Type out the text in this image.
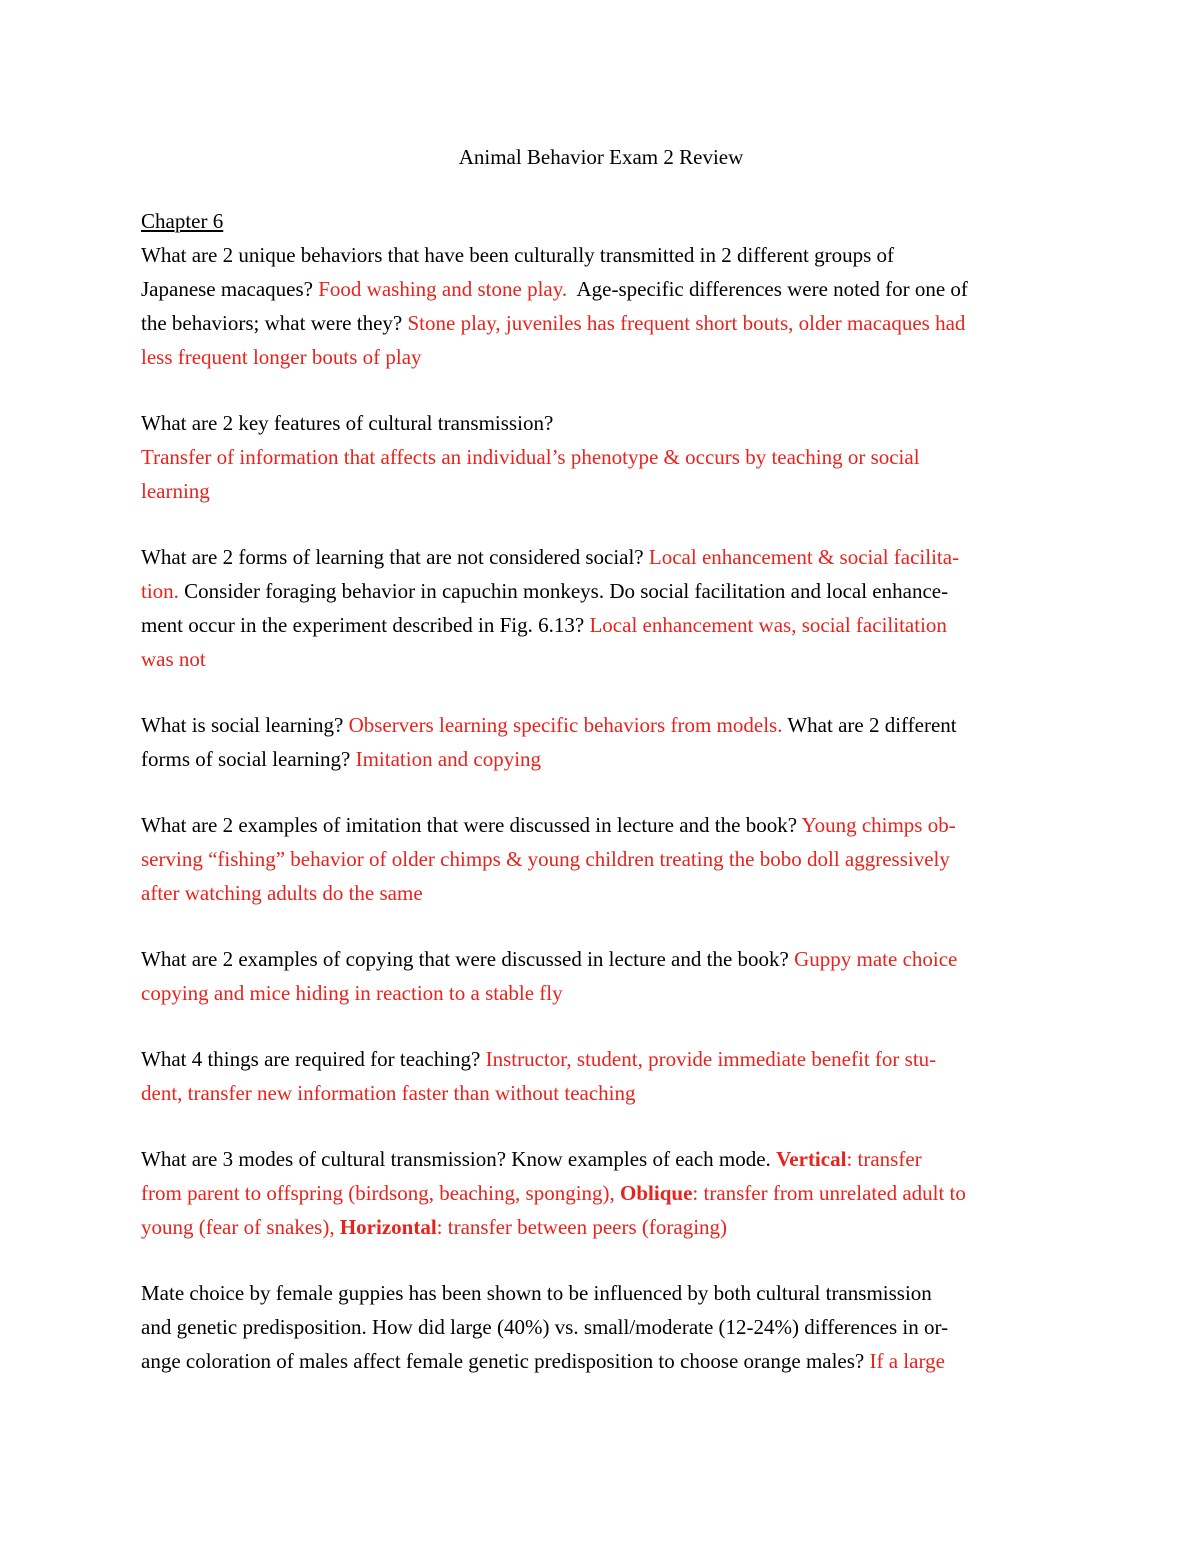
Animal Behavior Exam 2 Review
Chapter 6
What are 2 unique behaviors that have been culturally transmitted in 2 different groups of
Japanese macaques? Food washing and stone play.  Age-specific differences were noted for one of
the behaviors; what were they? Stone play, juveniles has frequent short bouts, older macaques had
less frequent longer bouts of play
What are 2 key features of cultural transmission?
Transfer of information that affects an individual’s phenotype & occurs by teaching or social
learning
What are 2 forms of learning that are not considered social? Local enhancement & social facilita-
tion. Consider foraging behavior in capuchin monkeys. Do social facilitation and local enhance-
ment occur in the experiment described in Fig. 6.13? Local enhancement was, social facilitation
was not
What is social learning? Observers learning specific behaviors from models. What are 2 different
forms of social learning? Imitation and copying
What are 2 examples of imitation that were discussed in lecture and the book? Young chimps ob-
serving “fishing” behavior of older chimps & young children treating the bobo doll aggressively
after watching adults do the same
What are 2 examples of copying that were discussed in lecture and the book? Guppy mate choice
copying and mice hiding in reaction to a stable fly
What 4 things are required for teaching? Instructor, student, provide immediate benefit for stu-
dent, transfer new information faster than without teaching
What are 3 modes of cultural transmission? Know examples of each mode. Vertical: transfer
from parent to offspring (birdsong, beaching, sponging), Oblique: transfer from unrelated adult to
young (fear of snakes), Horizontal: transfer between peers (foraging)
Mate choice by female guppies has been shown to be influenced by both cultural transmission
and genetic predisposition. How did large (40%) vs. small/moderate (12-24%) differences in or-
ange coloration of males affect female genetic predisposition to choose orange males? If a large
